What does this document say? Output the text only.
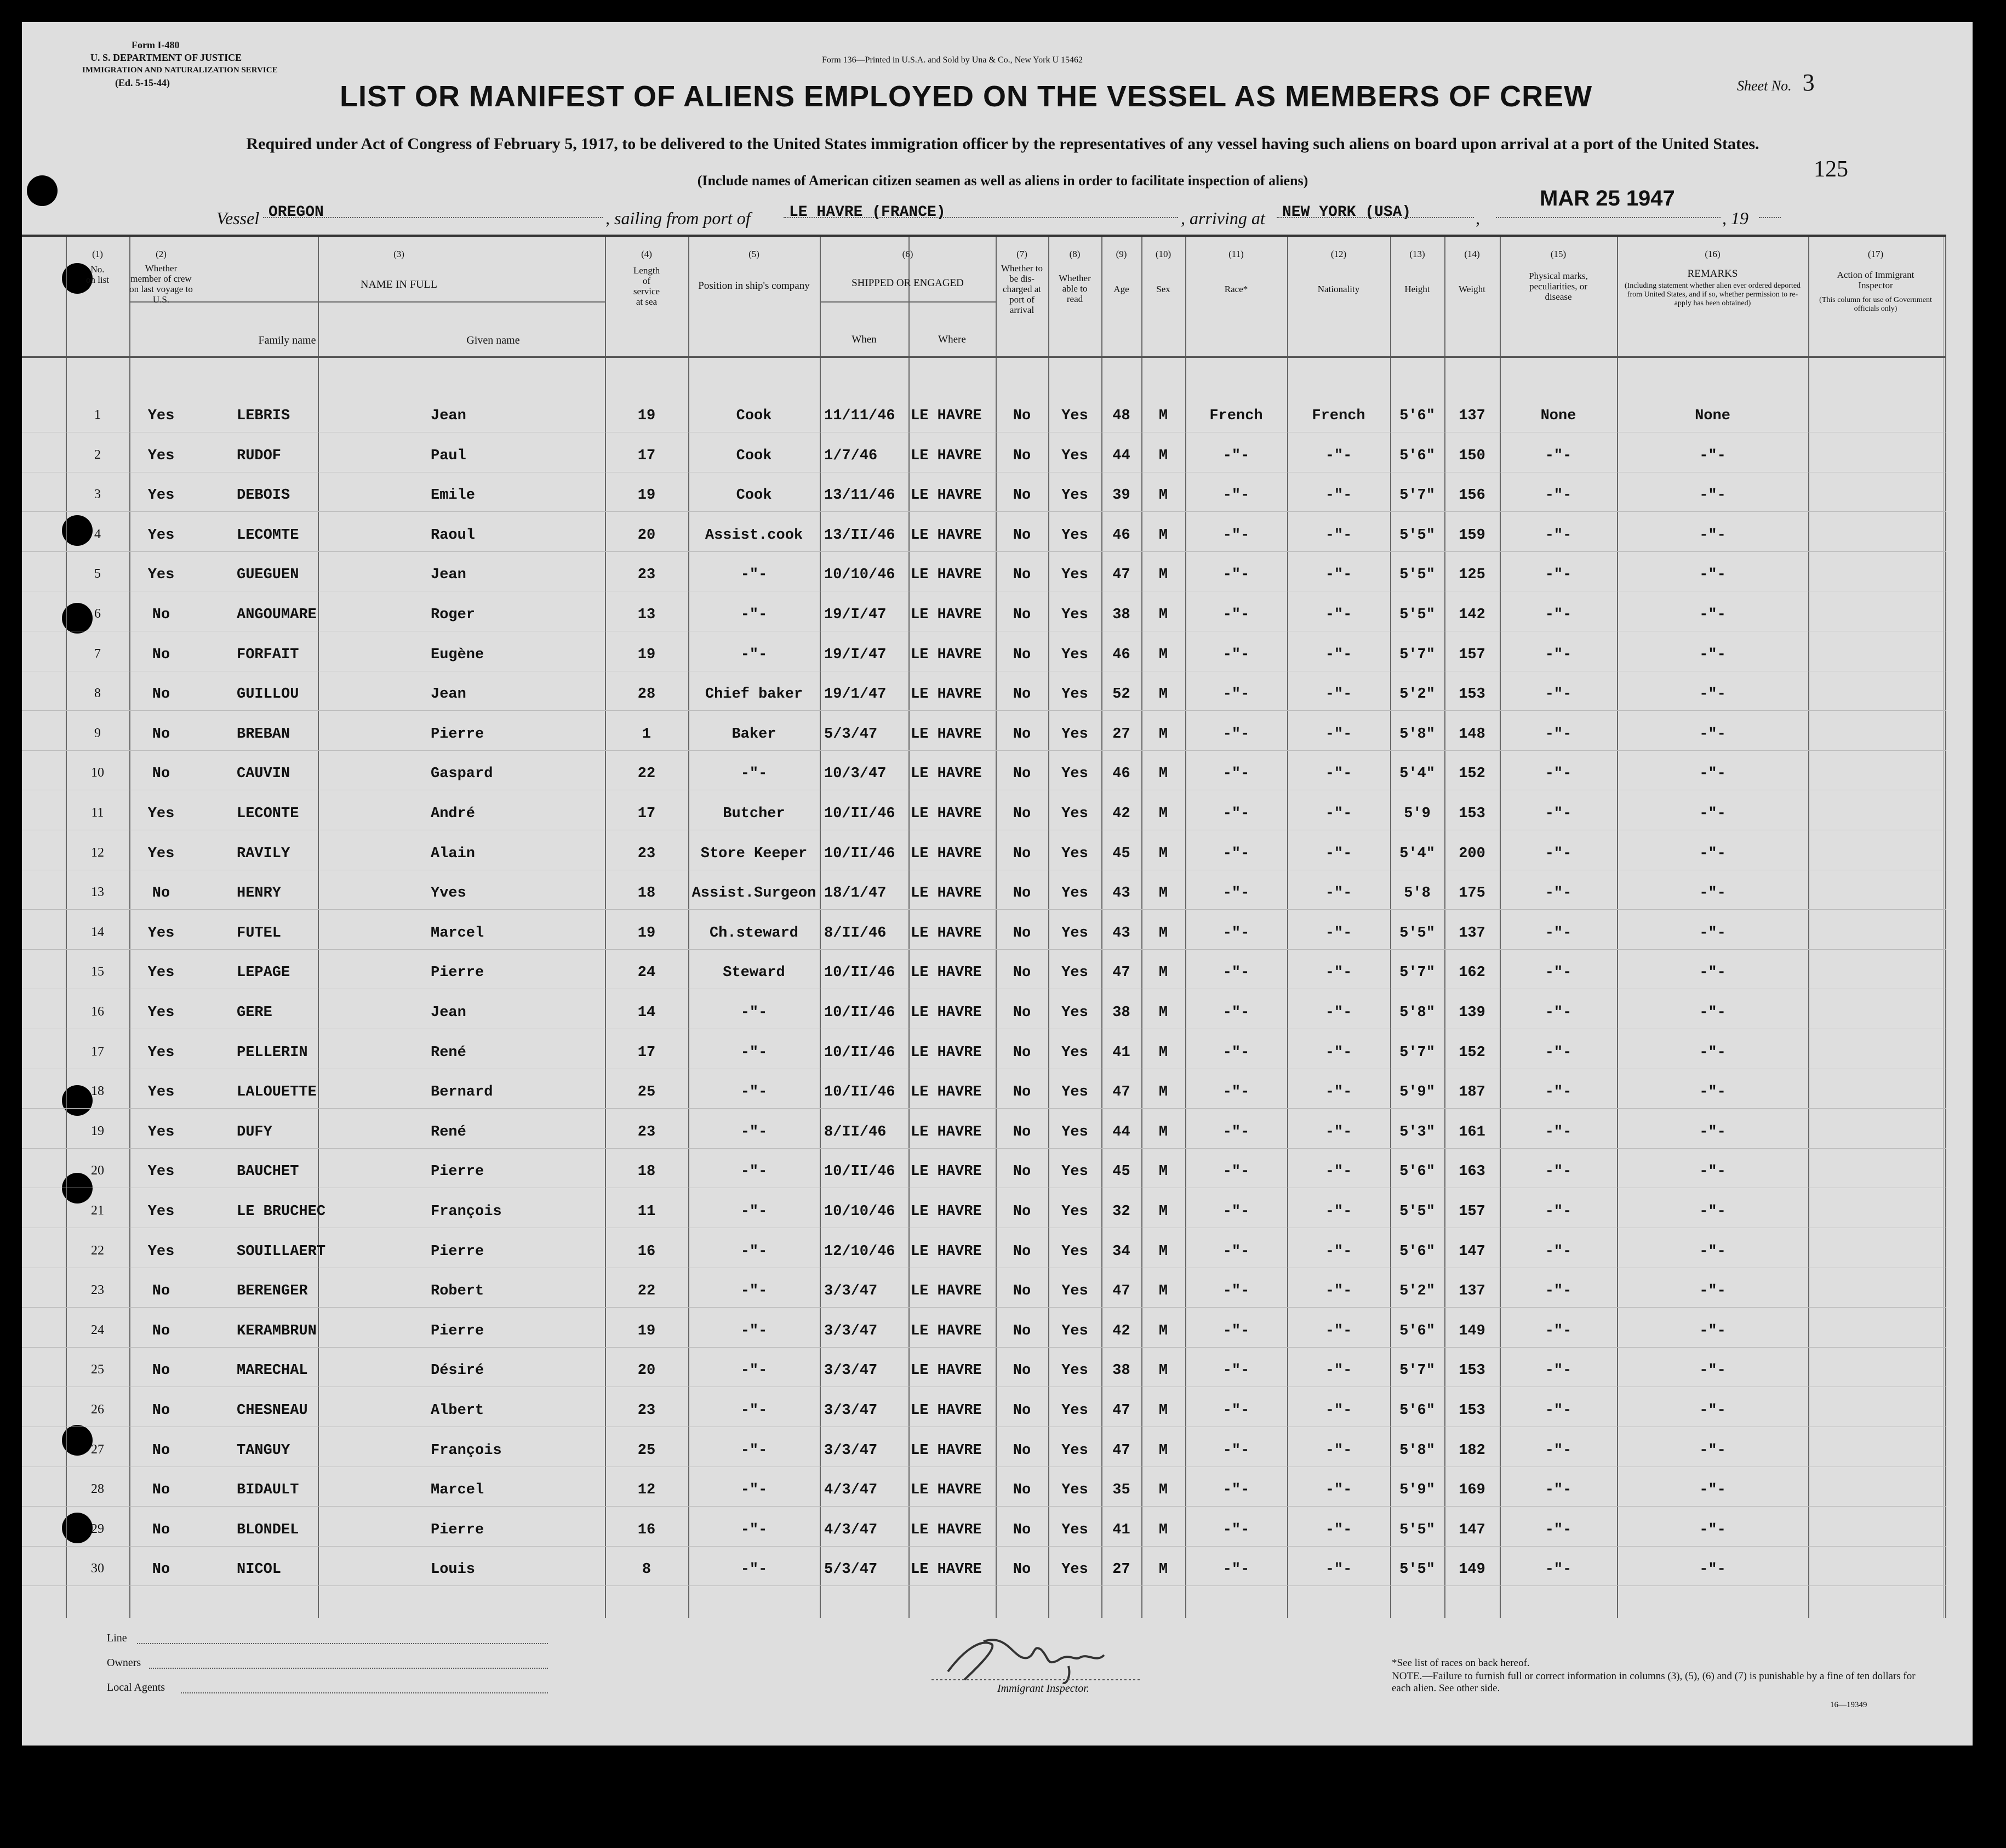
Form I-480
U. S. DEPARTMENT OF JUSTICE
IMMIGRATION AND NATURALIZATION SERVICE
(Ed. 5-15-44)
Form 136—Printed in U.S.A. and Sold by Una & Co., New York U 15462
Sheet No. 3
LIST OR MANIFEST OF ALIENS EMPLOYED ON THE VESSEL AS MEMBERS OF CREW
Required under Act of Congress of February 5, 1917, to be delivered to the United States immigration officer by the representatives of any vessel having such aliens on board upon arrival at a port of the United States.
(Include names of American citizen seamen as well as aliens in order to facilitate inspection of aliens)	125
Vessel OREGON	, sailing from port of	LE HAVRE (FRANCE)	, arriving at NEW YORK (USA)	,
MAR 25 1947
, 19
(1)
No. on list
(2)
Whether member of crew on last voyage to U.S.
(3)
NAME IN FULL
Family name	Given name
(4)
Length of service at sea
(5)
Position in ship's company
(6)
SHIPPED OR ENGAGED
When	Where
(7)
Whether to be dis-charged at port of arrival
(8)
Whether able to read
(9)
Age
(10)
Sex
(11)
Race*
(12)
Nationality
(13)
Height
(14)
Weight
(15)
Physical marks, peculiarities, or disease
(16)
REMARKS
(Including statement whether alien ever ordered deported from United States, and if so, whether permission to re-apply has been obtained)
(17)
Action of Immigrant Inspector
(This column for use of Government officials only)
1	Yes	LEBRIS	Jean	19	Cook	11/11/46	LE HAVRE	No	Yes	48	M	French	French	5'6"	137	None	None
2	Yes	RUDOF	Paul	17	Cook	1/7/46	LE HAVRE	No	Yes	44	M	-"-	-"-	5'6"	150	-"-	-"-
3	Yes	DEBOIS	Emile	19	Cook	13/11/46	LE HAVRE	No	Yes	39	M	-"-	-"-	5'7"	156	-"-	-"-
4	Yes	LECOMTE	Raoul	20	Assist.cook	13/II/46	LE HAVRE	No	Yes	46	M	-"-	-"-	5'5"	159	-"-	-"-
5	Yes	GUEGUEN	Jean	23	-"-	10/10/46	LE HAVRE	No	Yes	47	M	-"-	-"-	5'5"	125	-"-	-"-
6	No	ANGOUMARE	Roger	13	-"-	19/I/47	LE HAVRE	No	Yes	38	M	-"-	-"-	5'5"	142	-"-	-"-
7	No	FORFAIT	Eugène	19	-"-	19/I/47	LE HAVRE	No	Yes	46	M	-"-	-"-	5'7"	157	-"-	-"-
8	No	GUILLOU	Jean	28	Chief baker	19/1/47	LE HAVRE	No	Yes	52	M	-"-	-"-	5'2"	153	-"-	-"-
9	No	BREBAN	Pierre	1	Baker	5/3/47	LE HAVRE	No	Yes	27	M	-"-	-"-	5'8"	148	-"-	-"-
10	No	CAUVIN	Gaspard	22	-"-	10/3/47	LE HAVRE	No	Yes	46	M	-"-	-"-	5'4"	152	-"-	-"-
11	Yes	LECONTE	André	17	Butcher	10/II/46	LE HAVRE	No	Yes	42	M	-"-	-"-	5'9	153	-"-	-"-
12	Yes	RAVILY	Alain	23	Store Keeper	10/II/46	LE HAVRE	No	Yes	45	M	-"-	-"-	5'4"	200	-"-	-"-
13	No	HENRY	Yves	18	Assist.Surgeon 18/1/47	LE HAVRE	No	Yes	43	M	-"-	-"-	5'8	175	-"-	-"-
14	Yes	FUTEL	Marcel	19	Ch.steward	8/II/46	LE HAVRE	No	Yes	43	M	-"-	-"-	5'5"	137	-"-	-"-
15	Yes	LEPAGE	Pierre	24	Steward	10/II/46	LE HAVRE	No	Yes	47	M	-"-	-"-	5'7"	162	-"-	-"-
16	Yes	GERE	Jean	14	-"-	10/II/46	LE HAVRE	No	Yes	38	M	-"-	-"-	5'8"	139	-"-	-"-
17	Yes	PELLERIN	René	17	-"-	10/II/46	LE HAVRE	No	Yes	41	M	-"-	-"-	5'7"	152	-"-	-"-
18	Yes	LALOUETTE	Bernard	25	-"-	10/II/46	LE HAVRE	No	Yes	47	M	-"-	-"-	5'9"	187	-"-	-"-
19	Yes	DUFY	René	23	-"-	8/II/46	LE HAVRE	No	Yes	44	M	-"-	-"-	5'3"	161	-"-	-"-
20	Yes	BAUCHET	Pierre	18	-"-	10/II/46	LE HAVRE	No	Yes	45	M	-"-	-"-	5'6"	163	-"-	-"-
21	Yes	LE BRUCHEC	François	11	-"-	10/10/46	LE HAVRE	No	Yes	32	M	-"-	-"-	5'5"	157	-"-	-"-
22	Yes	SOUILLAERT	Pierre	16	-"-	12/10/46	LE HAVRE	No	Yes	34	M	-"-	-"-	5'6"	147	-"-	-"-
23	No	BERENGER	Robert	22	-"-	3/3/47	LE HAVRE	No	Yes	47	M	-"-	-"-	5'2"	137	-"-	-"-
24	No	KERAMBRUN	Pierre	19	-"-	3/3/47	LE HAVRE	No	Yes	42	M	-"-	-"-	5'6"	149	-"-	-"-
25	No	MARECHAL	Désiré	20	-"-	3/3/47	LE HAVRE	No	Yes	38	M	-"-	-"-	5'7"	153	-"-	-"-
26	No	CHESNEAU	Albert	23	-"-	3/3/47	LE HAVRE	No	Yes	47	M	-"-	-"-	5'6"	153	-"-	-"-
27	No	TANGUY	François	25	-"-	3/3/47	LE HAVRE	No	Yes	47	M	-"-	-"-	5'8"	182	-"-	-"-
28	No	BIDAULT	Marcel	12	-"-	4/3/47	LE HAVRE	No	Yes	35	M	-"-	-"-	5'9"	169	-"-	-"-
29	No	BLONDEL	Pierre	16	-"-	4/3/47	LE HAVRE	No	Yes	41	M	-"-	-"-	5'5"	147	-"-	-"-
30	No	NICOL	Louis	8	-"-	5/3/47	LE HAVRE	No	Yes	27	M	-"-	-"-	5'5"	149	-"-	-"-
Line
Owners
Local Agents	Immigrant Inspector.
*See list of races on back hereof.
NOTE.—Failure to furnish full or correct information in columns (3), (5), (6) and (7) is punishable by a fine of ten dollars for each alien. See other side.
16—19349
